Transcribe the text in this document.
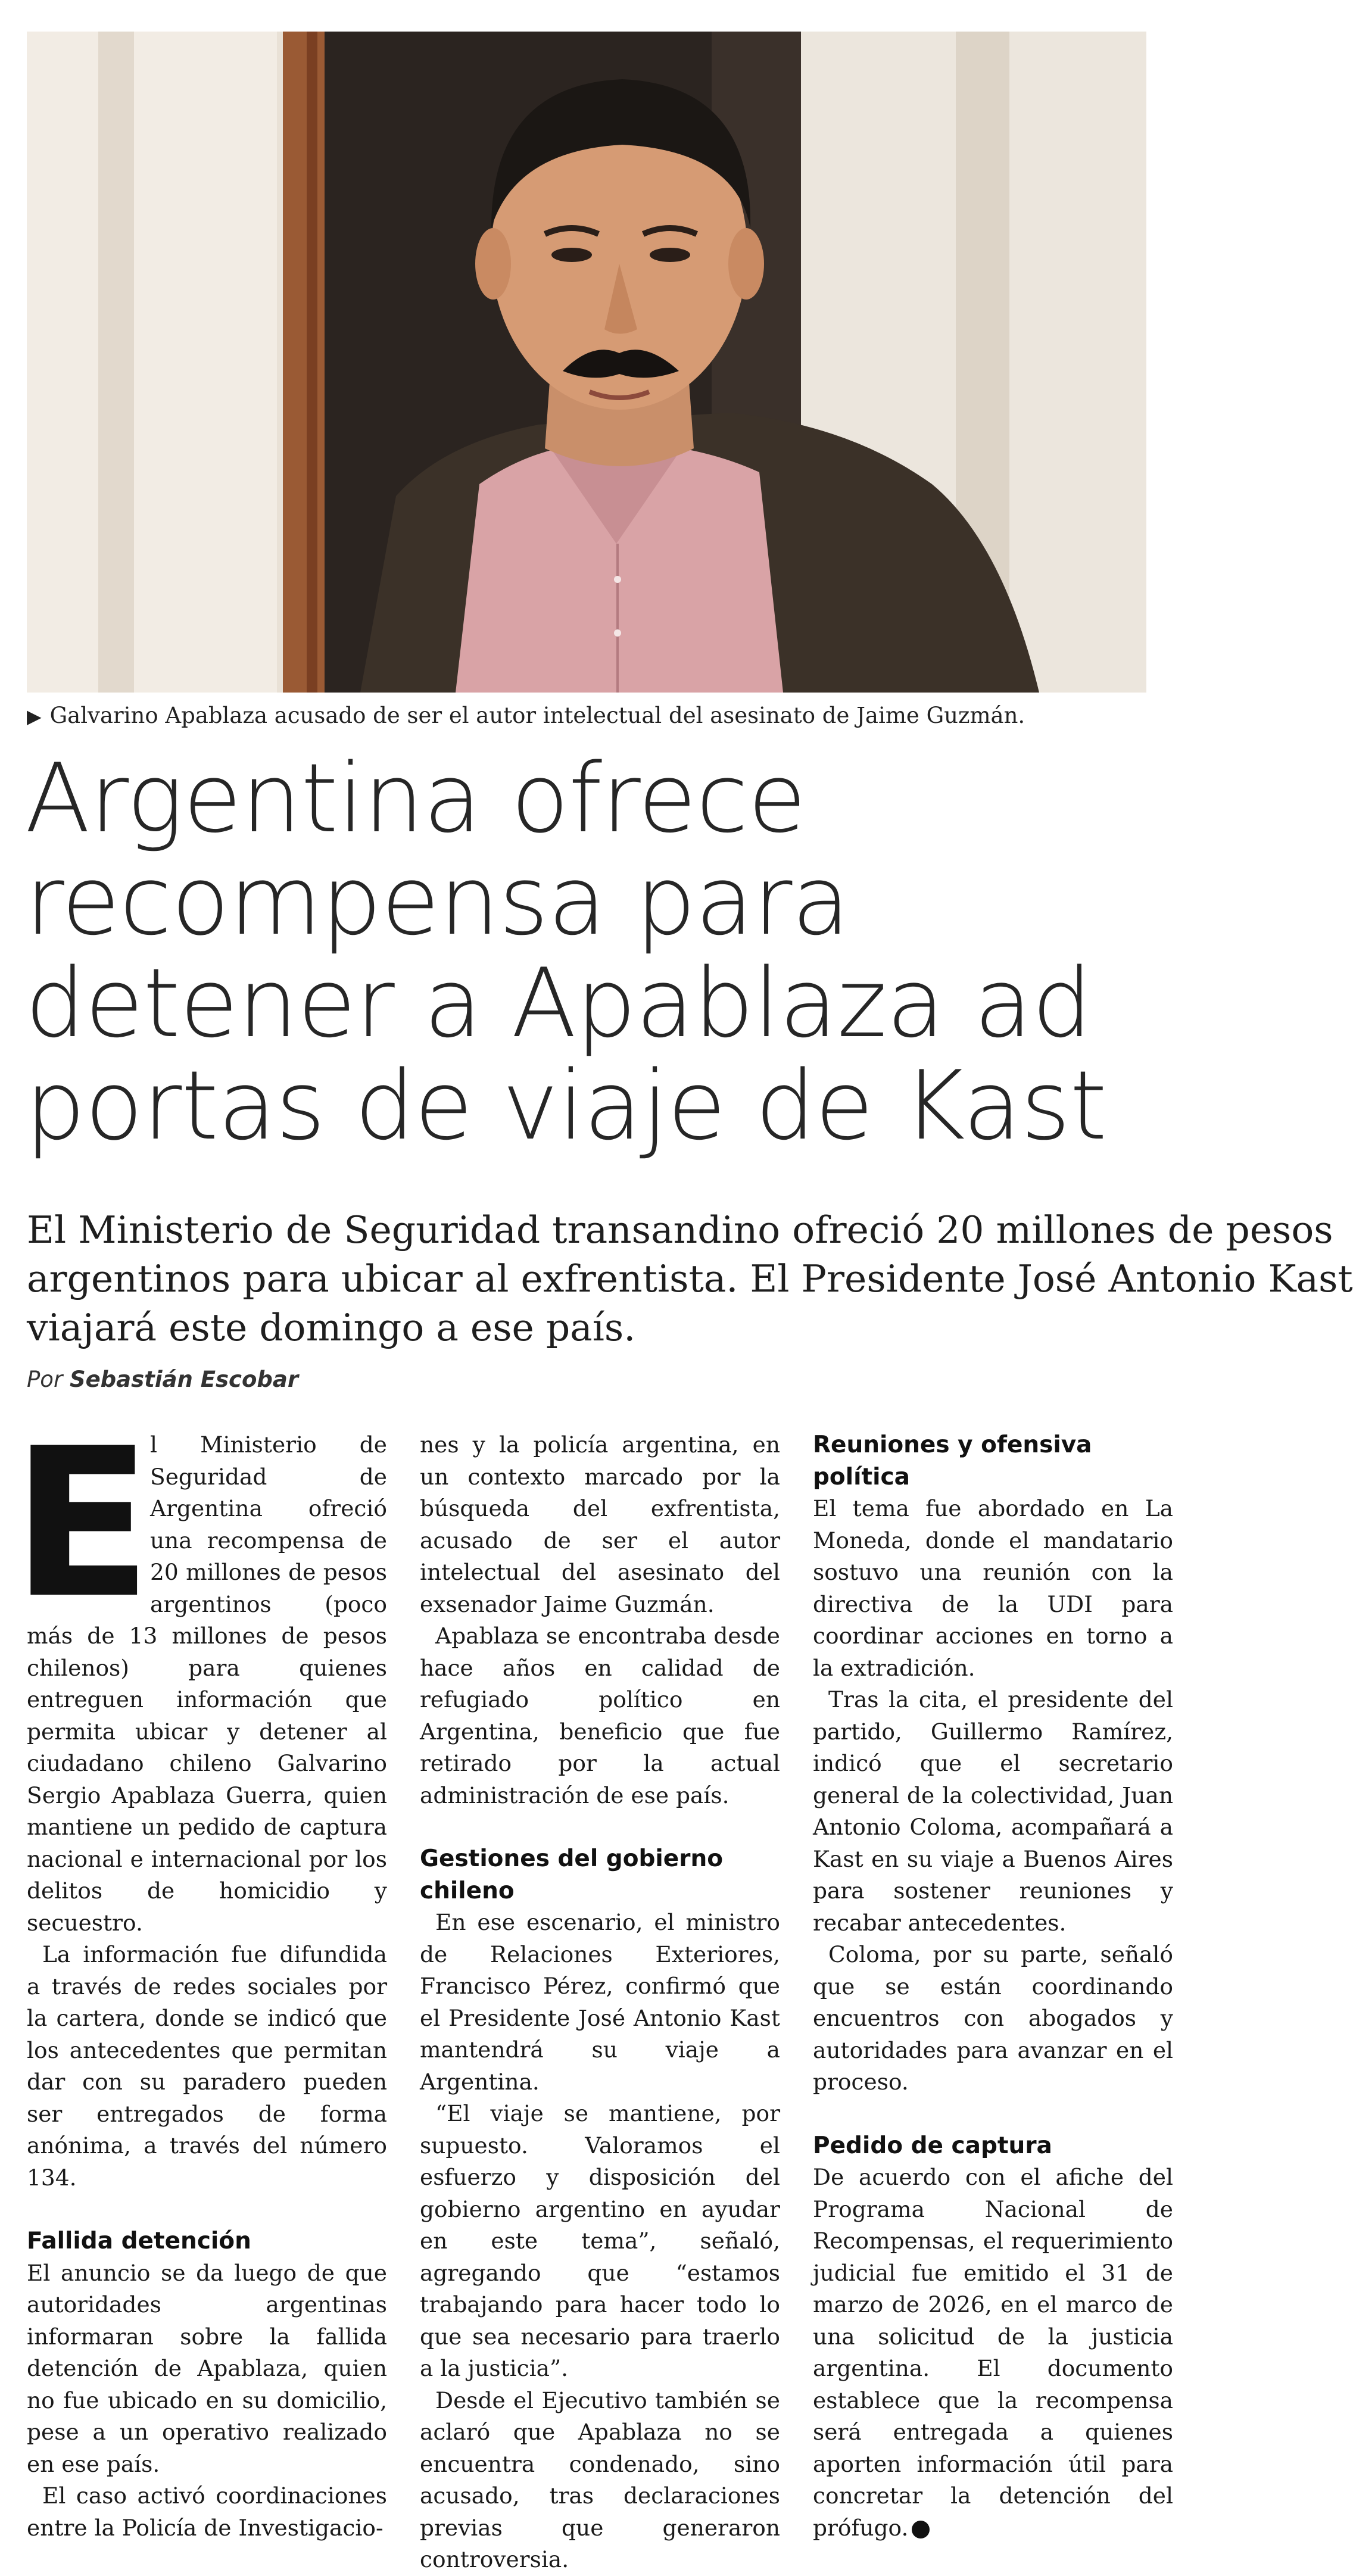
▶ Galvarino Apablaza acusado de ser el autor intelectual del asesinato de Jaime Guzmán.
Argentina ofrece
recompensa para
detener a Apablaza ad
portas de viaje de Kast
El Ministerio de Seguridad transandino ofreció 20 millones de pesos
argentinos para ubicar al exfrentista. El Presidente José Antonio Kast
viajará este domingo a ese país.
Por Sebastián Escobar
E

l Ministerio de Seguridad de Argentina ofreció una recompensa de 20 millones de pesos argentinos (poco más de 13 millones de pesos chilenos) para quienes entreguen información que permita ubicar y detener al ciudadano chileno Galvarino Sergio Apablaza Guerra, quien mantiene un pedido de captura nacional e internacional por los delitos de homicidio y secuestro.

La información fue difundida a través de redes sociales por la cartera, donde se indicó que los antecedentes que permitan dar con su paradero pueden ser entregados de forma anónima, a través del número 134.

Fallida detención

El anuncio se da luego de que autoridades argentinas informaran sobre la fallida detención de Apablaza, quien no fue ubicado en su domicilio, pese a un operativo realizado en ese país.

El caso activó coordinaciones entre la Policía de Investigacio-

nes y la policía argentina, en un contexto marcado por la búsqueda del exfrentista, acusado de ser el autor intelectual del asesinato del exsenador Jaime Guzmán.

Apablaza se encontraba desde hace años en calidad de refugiado político en Argentina, beneficio que fue retirado por la actual administración de ese país.

Gestiones del gobierno chileno

En ese escenario, el ministro de Relaciones Exteriores, Francisco Pérez, confirmó que el Presidente José Antonio Kast mantendrá su viaje a Argentina.

“El viaje se mantiene, por supuesto. Valoramos el esfuerzo y disposición del gobierno argentino en ayudar en este tema”, señaló, agregando que “estamos trabajando para hacer todo lo que sea necesario para traerlo a la justicia”.

Desde el Ejecutivo también se aclaró que Apablaza no se encuentra condenado, sino acusado, tras declaraciones previas que generaron controversia.

Reuniones y ofensiva política

El tema fue abordado en La Moneda, donde el mandatario sostuvo una reunión con la directiva de la UDI para coordinar acciones en torno a la extradición.

Tras la cita, el presidente del partido, Guillermo Ramírez, indicó que el secretario general de la colectividad, Juan Antonio Coloma, acompañará a Kast en su viaje a Buenos Aires para sostener reuniones y recabar antecedentes.

Coloma, por su parte, señaló que se están coordinando encuentros con abogados y autoridades para avanzar en el proceso.

Pedido de captura

De acuerdo con el afiche del Programa Nacional de Recompensas, el requerimiento judicial fue emitido el 31 de marzo de 2026, en el marco de una solicitud de la justicia argentina. El documento establece que la recompensa será entregada a quienes aporten información útil para concretar la detención del prófugo.
